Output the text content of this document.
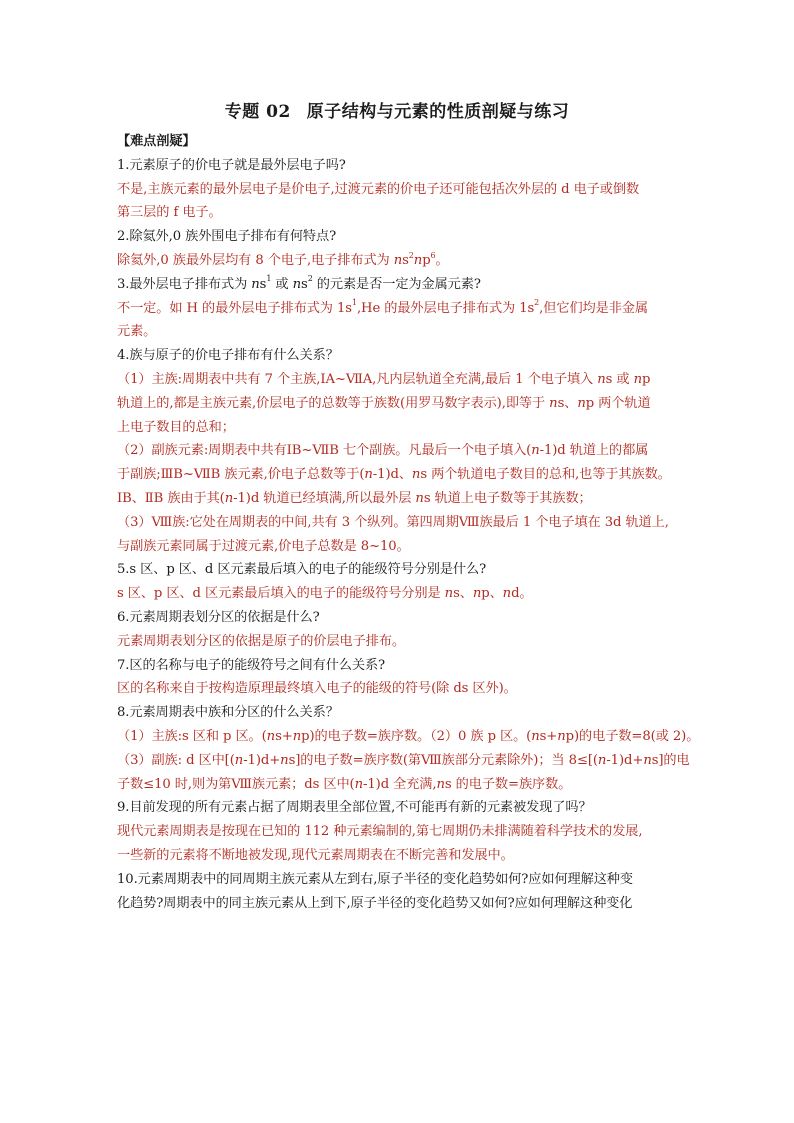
专题 02 原子结构与元素的性质剖疑与练习
【难点剖疑】
1.元素原子的价电子就是最外层电子吗?
不是,主族元素的最外层电子是价电子,过渡元素的价电子还可能包括次外层的 d 电子或倒数
第三层的 f 电子。
2.除氦外,0 族外围电子排布有何特点?
除氦外,0 族最外层均有 8 个电子,电子排布式为 $ns^2np^6$。
3.最外层电子排布式为 $ns^1$ 或 $ns^2$ 的元素是否一定为金属元素?
不一定。如 H 的最外层电子排布式为 $1s^1,He$ 的最外层电子排布式为 $1s^2$,但它们均是非金属
元素。
4.族与原子的价电子排布有什么关系？
（1）主族:周期表中共有 7 个主族,ⅠA~ⅦA,凡内层轨道全充满,最后 1 个电子填入 ns 或 np
轨道上的,都是主族元素,价层电子的总数等于族数(用罗马数字表示),即等于 ns、np 两个轨道
上电子数目的总和；
（2）副族元素:周期表中共有ⅠB~ⅦB 七个副族。凡最后一个电子填入(n-1)d 轨道上的都属
于副族;ⅢB~ⅦB 族元素,价电子总数等于(n-1)d、ns 两个轨道电子数目的总和,也等于其族数。
ⅠB、ⅡB 族由于其(n-1)d 轨道已经填满,所以最外层 ns 轨道上电子数等于其族数；
（3）Ⅷ族:它处在周期表的中间,共有 3 个纵列。第四周期Ⅷ族最后 1 个电子填在 3d 轨道上,
与副族元素同属于过渡元素,价电子总数是 8~10。
5.s 区、p 区、d 区元素最后填入的电子的能级符号分别是什么?
s 区、p 区、d 区元素最后填入的电子的能级符号分别是 ns、np、nd。
6.元素周期表划分区的依据是什么?
元素周期表划分区的依据是原子的价层电子排布。
7.区的名称与电子的能级符号之间有什么关系?
区的名称来自于按构造原理最终填入电子的能级的符号(除 ds 区外)。
8.元素周期表中族和分区的什么关系？
（1）主族:s 区和 p 区。(ns+np)的电子数=族序数。（2）0 族 p 区。(ns+np)的电子数=8(或 2)。
（3）副族: d 区中[(n-1)d+ns]的电子数=族序数(第Ⅷ族部分元素除外)；当 8≤[(n-1)d+ns]的电
子数≤10 时,则为第Ⅷ族元素；ds 区中(n-1)d 全充满,ns 的电子数=族序数。
9.目前发现的所有元素占据了周期表里全部位置,不可能再有新的元素被发现了吗？
现代元素周期表是按现在已知的 112 种元素编制的,第七周期仍未排满随着科学技术的发展,
一些新的元素将不断地被发现,现代元素周期表在不断完善和发展中。
10.元素周期表中的同周期主族元素从左到右,原子半径的变化趋势如何?应如何理解这种变
化趋势?周期表中的同主族元素从上到下,原子半径的变化趋势又如何?应如何理解这种变化
